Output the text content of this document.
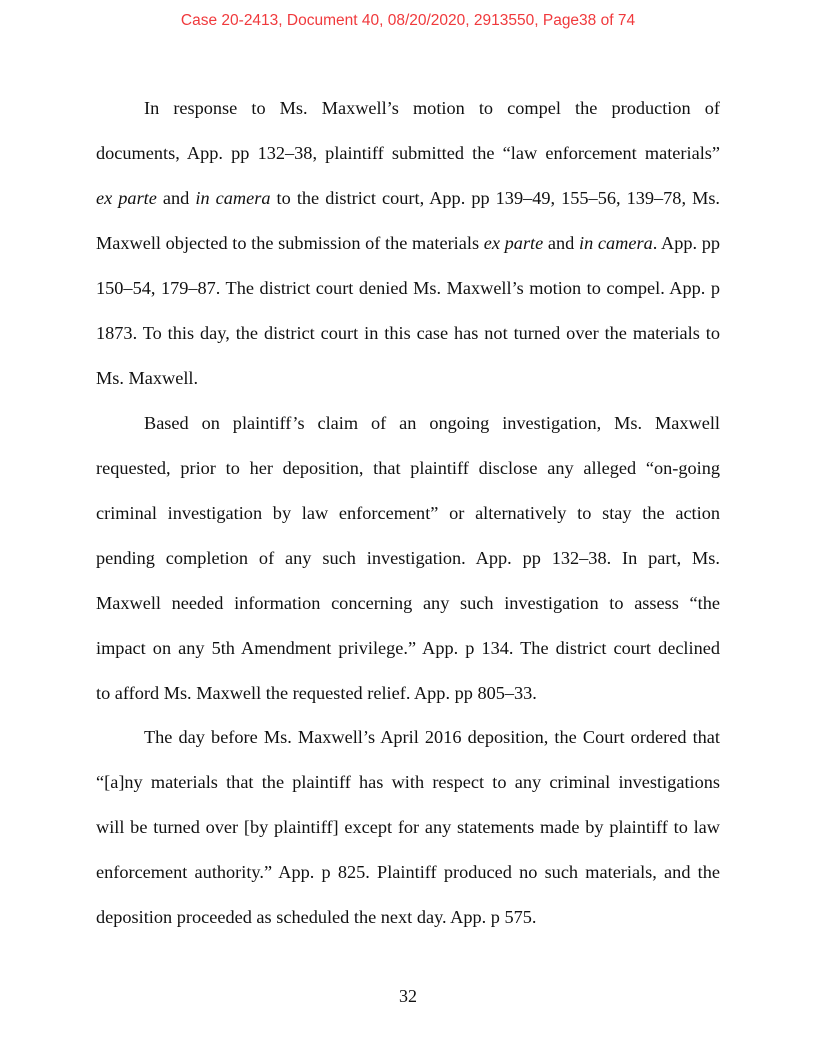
Case 20-2413, Document 40, 08/20/2020, 2913550, Page38 of 74
In response to Ms. Maxwell’s motion to compel the production of
documents, App. pp 132–38, plaintiff submitted the “law enforcement materials”
ex parte and in camera to the district court, App. pp 139–49, 155–56, 139–78, Ms.
Maxwell objected to the submission of the materials ex parte and in camera. App. pp
150–54, 179–87. The district court denied Ms. Maxwell’s motion to compel. App. p
1873. To this day, the district court in this case has not turned over the materials to
Ms. Maxwell.
Based on plaintiff’s claim of an ongoing investigation, Ms. Maxwell
requested, prior to her deposition, that plaintiff disclose any alleged “on-going
criminal investigation by law enforcement” or alternatively to stay the action
pending completion of any such investigation. App. pp 132–38. In part, Ms.
Maxwell needed information concerning any such investigation to assess “the
impact on any 5th Amendment privilege.” App. p 134. The district court declined
to afford Ms. Maxwell the requested relief. App. pp 805–33.
The day before Ms. Maxwell’s April 2016 deposition, the Court ordered that
“[a]ny materials that the plaintiff has with respect to any criminal investigations
will be turned over [by plaintiff] except for any statements made by plaintiff to law
enforcement authority.” App. p 825. Plaintiff produced no such materials, and the
deposition proceeded as scheduled the next day. App. p 575.
32
